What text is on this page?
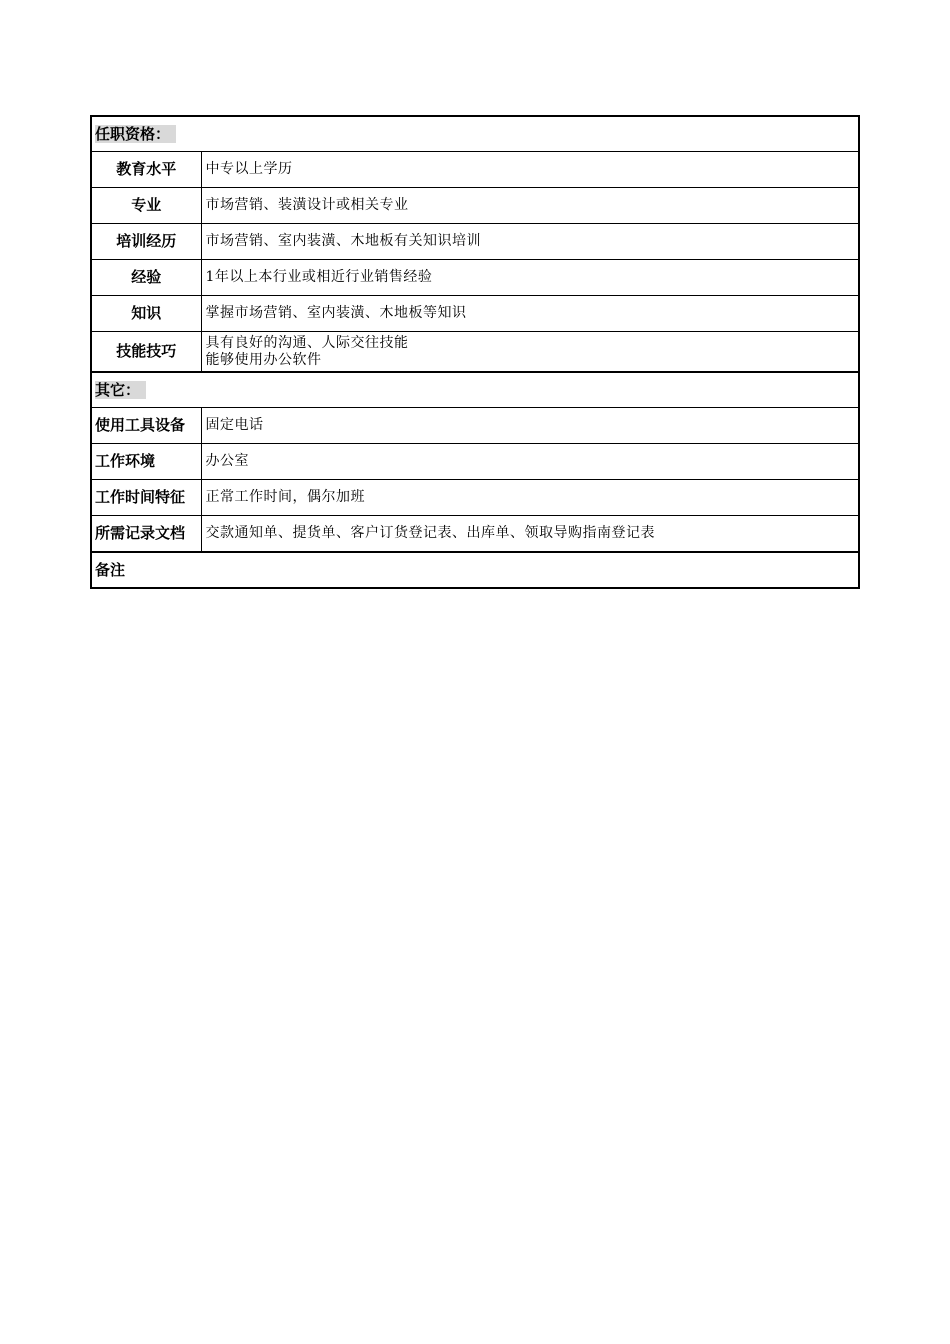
任职资格：	
教育水平	中专以上学历
专业	市场营销、装潢设计或相关专业
培训经历	市场营销、室内装潢、木地板有关知识培训
经验	1年以上本行业或相近行业销售经验
知识	掌握市场营销、室内装潢、木地板等知识
技能技巧	具有良好的沟通、人际交往技能
能够使用办公软件

其它：	
使用工具设备	固定电话
工作环境	办公室
工作时间特征	正常工作时间，偶尔加班
所需记录文档	交款通知单、提货单、客户订货登记表、出库单、领取导购指南登记表
备注	
